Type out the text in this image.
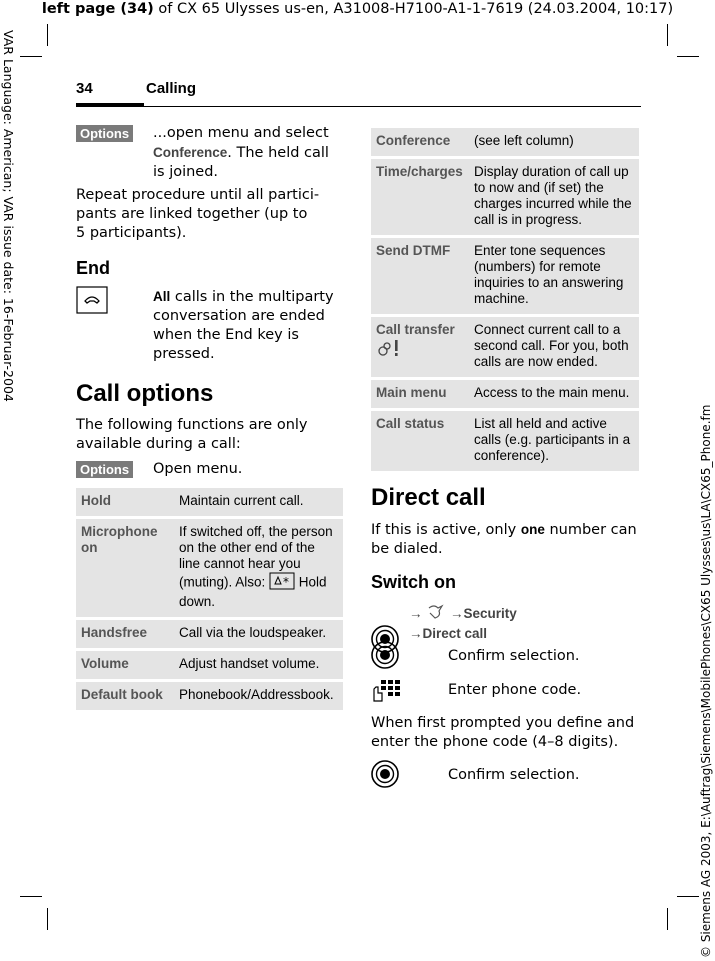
left page (34) of CX 65 Ulysses us-en, A31008-H7100-A1-1-7619 (24.03.2004, 10:17)
VAR Language: American; VAR issue date: 16-Februar-2004
© Siemens AG 2003, E:\Auftrag\Siemens\MobilePhones\CX65 Ulysses\us\LA\CX65_Phone.fm
34	Calling
Options ...open menu and select
Conference. The held call
is joined.
Repeat procedure until all partici-
pants are linked together (up to
5 participants).
End
All calls in the multiparty
conversation are ended
when the End key is
pressed.
Call options
The following functions are only
available during a call:
Options Open menu.
Hold	Maintain current call.
Microphone on	If switched off, the person on the other end of the line cannot hear you (muting). Also: * Hold down.
Handsfree	Call via the loudspeaker.
Volume	Adjust handset volume.
Default book	Phonebook/Addressbook.
Conference	(see left column)
Time/charges	Display duration of call up to now and (if set) the charges incurred while the call is in progress.
Send DTMF	Enter tone sequences (numbers) for remote inquiries to an answering machine.
Call transfer	Connect current call to a second call. For you, both calls are now ended.
Main menu	Access to the main menu.
Call status	List all held and active calls (e.g. participants in a conference).
Direct call
If this is active, only one number can
be dialed.
Switch on
→ →Security
→Direct call
Confirm selection.
Enter phone code.
When first prompted you define and
enter the phone code (4–8 digits).
Confirm selection.
